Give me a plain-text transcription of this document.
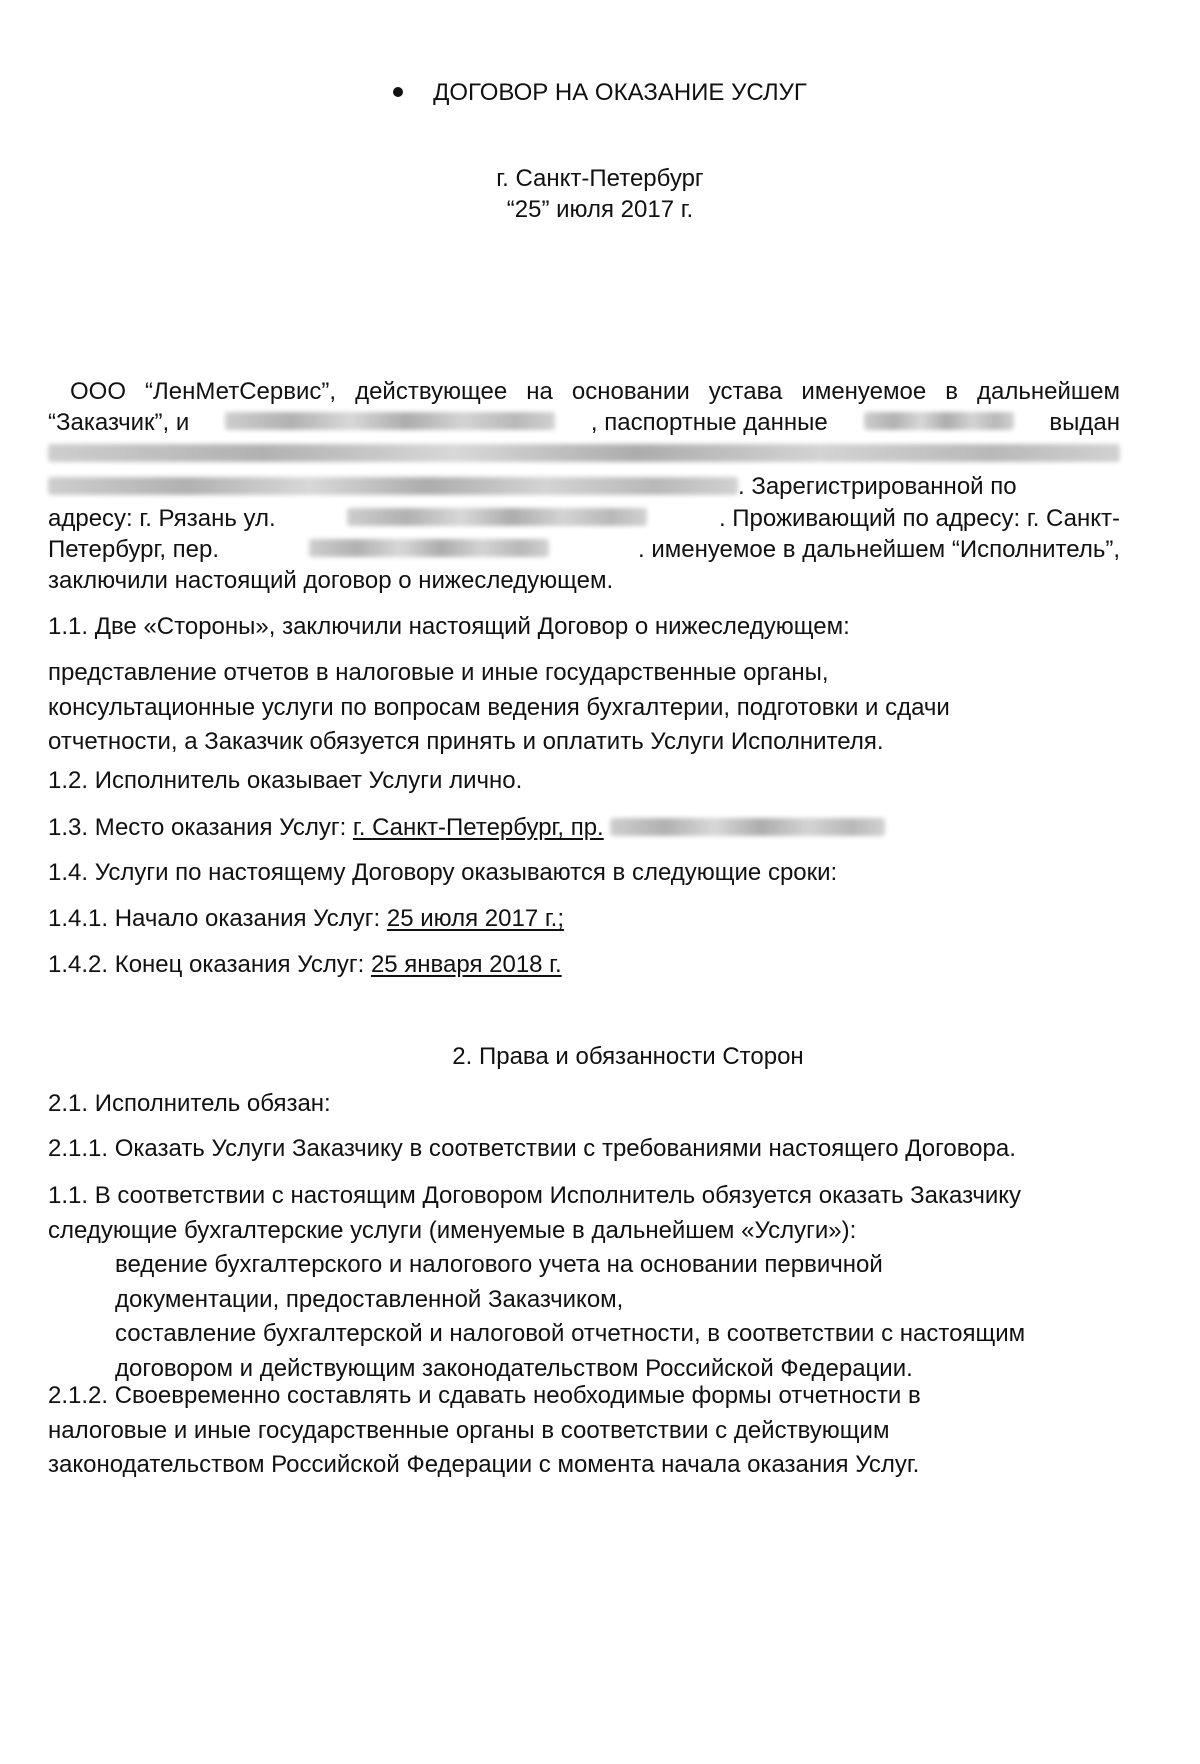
ДОГОВОР НА ОКАЗАНИЕ УСЛУГ
г. Санкт-Петербург
“25” июля 2017 г.
ООО “ЛенМетСервис”, действующее на основании устава именуемое в дальнейшем
“Заказчик”, и	, паспортные данные	выдан
. Зарегистрированной по
адресу: г. Рязань ул.	. Проживающий по адресу: г. Санкт-
Петербург, пер.	. именуемое в дальнейшем “Исполнитель”,
заключили настоящий договор о нижеследующем.
1.1. Две «Стороны», заключили настоящий Договор о нижеследующем:
представление отчетов в налоговые и иные государственные органы,
консультационные услуги по вопросам ведения бухгалтерии, подготовки и сдачи
отчетности, а Заказчик обязуется принять и оплатить Услуги Исполнителя.
1.2. Исполнитель оказывает Услуги лично.
1.3. Место оказания Услуг: г. Санкт-Петербург, пр.
1.4. Услуги по настоящему Договору оказываются в следующие сроки:
1.4.1. Начало оказания Услуг: 25 июля 2017 г.;
1.4.2. Конец оказания Услуг: 25 января 2018 г.
2. Права и обязанности Сторон
2.1. Исполнитель обязан:
2.1.1. Оказать Услуги Заказчику в соответствии с требованиями настоящего Договора.
1.1. В соответствии с настоящим Договором Исполнитель обязуется оказать Заказчику
следующие бухгалтерские услуги (именуемые в дальнейшем «Услуги»):
ведение бухгалтерского и налогового учета на основании первичной
документации, предоставленной Заказчиком,
составление бухгалтерской и налоговой отчетности, в соответствии с настоящим
договором и действующим законодательством Российской Федерации.
2.1.2. Своевременно составлять и сдавать необходимые формы отчетности в
налоговые и иные государственные органы в соответствии с действующим
законодательством Российской Федерации с момента начала оказания Услуг.
